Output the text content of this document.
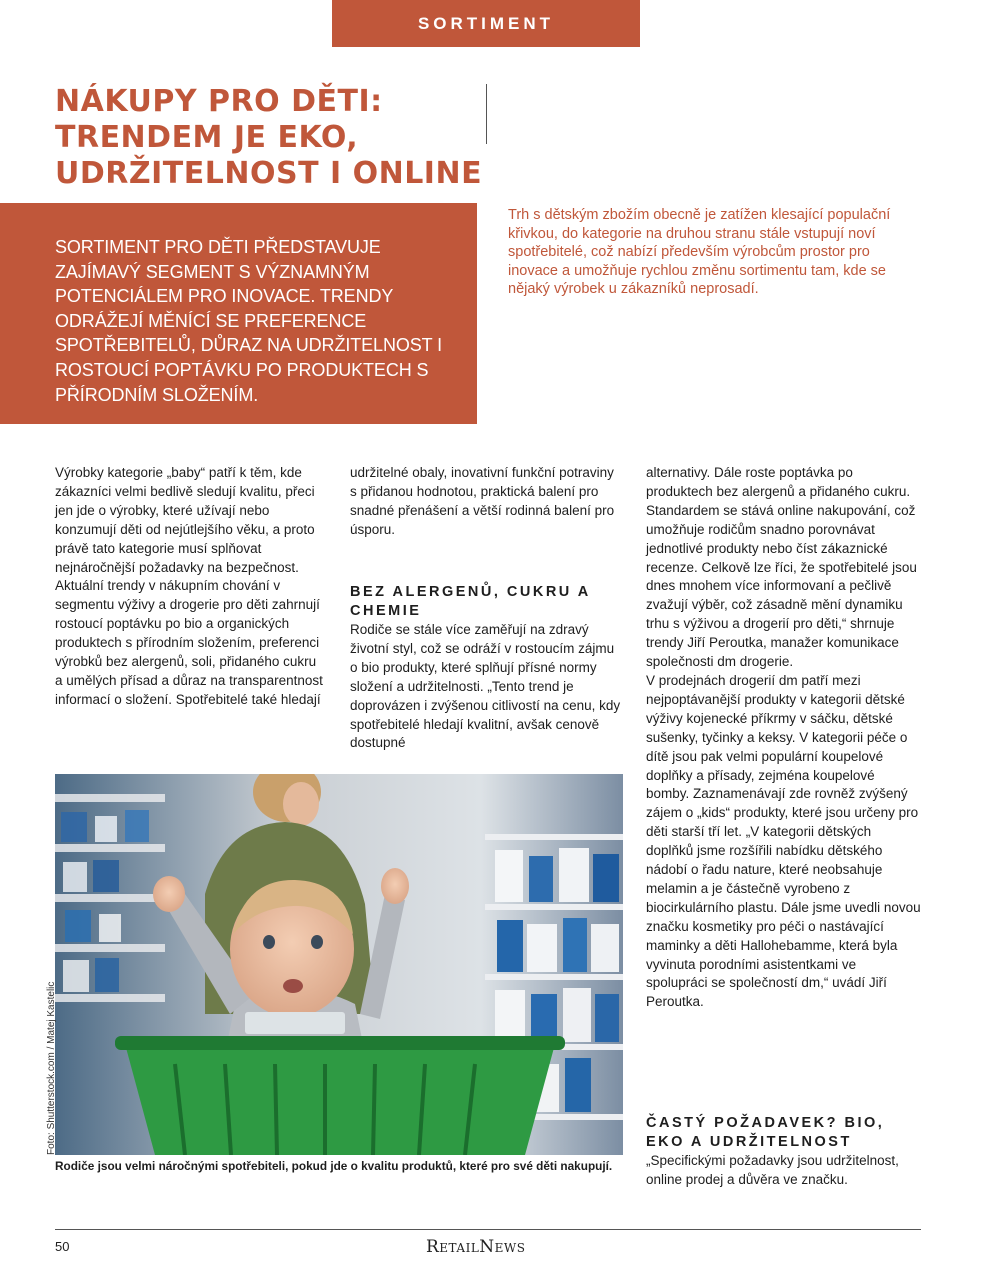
SORTIMENT
NÁKUPY PRO DĚTI: TRENDEM JE EKO, UDRŽITELNOST I ONLINE

SORTIMENT PRO DĚTI PŘEDSTAVUJE ZAJÍMAVÝ SEGMENT S VÝZNAMNÝM POTENCIÁLEM PRO INOVACE. TRENDY ODRÁŽEJÍ MĚNÍCÍ SE PREFERENCE SPOTŘEBITELŮ, DŮRAZ NA UDRŽITELNOST I ROSTOUCÍ POPTÁVKU PO PRODUKTECH S PŘÍRODNÍM SLOŽENÍM.

Trh s dětským zbožím obecně je zatížen klesající populační křivkou, do kategorie na druhou stranu stále vstupují noví spotřebitelé, což nabízí především výrobcům prostor pro inovace a umožňuje rychlou změnu sortimentu tam, kde se nějaký výrobek u zákazníků neprosadí.

Výrobky kategorie „baby“ patří k těm, kde zákazníci velmi bedlivě sledují kvalitu, přeci jen jde o výrobky, které užívají nebo konzumují děti od nejútlejšího věku, a proto právě tato kategorie musí splňovat nejnáročnější požadavky na bezpečnost.

Aktuální trendy v nákupním chování v segmentu výživy a drogerie pro děti zahrnují rostoucí poptávku po bio a organických produktech s přírodním složením, preferenci výrobků bez alergenů, soli, přidaného cukru a umělých přísad a důraz na transparentnost informací o složení. Spotřebitelé také hledají

udržitelné obaly, inovativní funkční potraviny s přidanou hodnotou, praktická balení pro snadné přenášení a větší rodinná balení pro úsporu.

BEZ ALERGENŮ, CUKRU A CHEMIE

Rodiče se stále více zaměřují na zdravý životní styl, což se odráží v rostoucím zájmu o bio produkty, které splňují přísné normy složení a udržitelnosti. „Tento trend je doprovázen i zvýšenou citlivostí na cenu, kdy spotřebitelé hledají kvalitní, avšak cenově dostupné

alternativy. Dále roste poptávka po produktech bez alergenů a přidaného cukru. Standardem se stává online nakupování, což umožňuje rodičům snadno porovnávat jednotlivé produkty nebo číst zákaznické recenze. Celkově lze říci, že spotřebitelé jsou dnes mnohem více informovaní a pečlivě zvažují výběr, což zásadně mění dynamiku trhu s výživou a drogerií pro děti,“ shrnuje trendy Jiří Peroutka, manažer komunikace společnosti dm drogerie.

V prodejnách drogerií dm patří mezi nejpoptávanější produkty v kategorii dětské výživy kojenecké příkrmy v sáčku, dětské sušenky, tyčinky a keksy. V kategorii péče o dítě jsou pak velmi populární koupelové doplňky a přísady, zejména koupelové bomby. Zaznamenávají zde rovněž zvýšený zájem o „kids“ produkty, které jsou určeny pro děti starší tří let. „V kategorii dětských doplňků jsme rozšířili nabídku dětského nádobí o řadu nature, které neobsahuje melamin a je částečně vyrobeno z biocirkulárního plastu. Dále jsme uvedli novou značku kosmetiky pro péči o nastávající maminky a děti Hallohebamme, která byla vyvinuta porodními asistentkami ve spolupráci se společností dm,“ uvádí Jiří Peroutka.

ČASTÝ POŽADAVEK? BIO, EKO A UDRŽITELNOST

„Specifickými požadavky jsou udržitelnost, online prodej a důvěra ve značku.

Rodiče jsou velmi náročnými spotřebiteli, pokud jde o kvalitu produktů, které pro své děti nakupují.

Foto: Shutterstock.com / Matej Kastelic
50	RetailNews
